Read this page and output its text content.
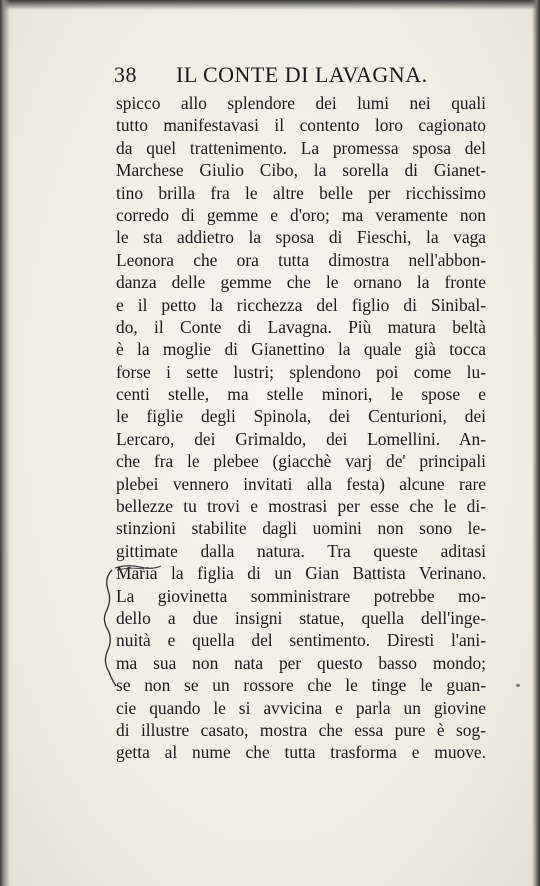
38 IL CONTE DI LAVAGNA.
spicco allo splendore dei lumi nei quali
tutto manifestavasi il contento loro cagionato
da quel trattenimento. La promessa sposa del
Marchese Giulio Cibo, la sorella di Gianet-
tino brilla fra le altre belle per ricchissimo
corredo di gemme e d'oro; ma veramente non
le sta addietro la sposa di Fieschi, la vaga
Leonora che ora tutta dimostra nell'abbon-
danza delle gemme che le ornano la fronte
e il petto la ricchezza del figlio di Sinibal-
do, il Conte di Lavagna. Più matura beltà
è la moglie di Gianettino la quale già tocca
forse i sette lustri; splendono poi come lu-
centi stelle, ma stelle minori, le spose e
le figlie degli Spinola, dei Centurioni, dei
Lercaro, dei Grimaldo, dei Lomellini. An-
che fra le plebee (giacchè varj de' principali
plebei vennero invitati alla festa) alcune rare
bellezze tu trovi e mostrasi per esse che le di-
stinzioni stabilite dagli uomini non sono le-
gittimate dalla natura. Tra queste aditasi
Maria la figlia di un Gian Battista Verinano.
La giovinetta somministrare potrebbe mo-
dello a due insigni statue, quella dell'inge-
nuità e quella del sentimento. Diresti l'ani-
ma sua non nata per questo basso mondo;
se non se un rossore che le tinge le guan-
cie quando le si avvicina e parla un giovine
di illustre casato, mostra che essa pure è sog-
getta al nume che tutta trasforma e muove.
